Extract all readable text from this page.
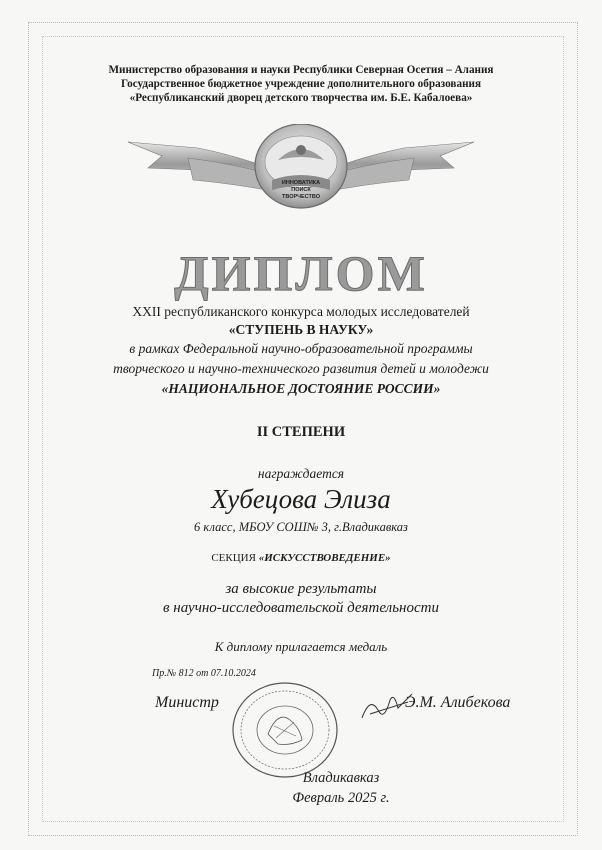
Министерство образования и науки Республики Северная Осетия – Алания
Государственное бюджетное учреждение дополнительного образования
«Республиканский дворец детского творчества им. Б.Е. Кабалоева»
ИННОВАТИКА
ПОИСК
ТВОРЧЕСТВО
ДИПЛОМ
XXII республиканского конкурса молодых исследователей
«СТУПЕНЬ В НАУКУ»
в рамках Федеральной научно-образовательной программы
творческого и научно-технического развития детей и молодежи
«НАЦИОНАЛЬНОЕ ДОСТОЯНИЕ РОССИИ»
II СТЕПЕНИ
награждается
Хубецова Элиза
6 класс, МБОУ СОШ№ 3, г.Владикавказ
СЕКЦИЯ «ИСКУССТВОВЕДЕНИЕ»
за высокие результаты
в научно-исследовательской деятельности
К диплому прилагается медаль
Пр.№ 812 от 07.10.2024
Министр	Э.М. Алибекова
Владикавказ
Февраль 2025 г.
